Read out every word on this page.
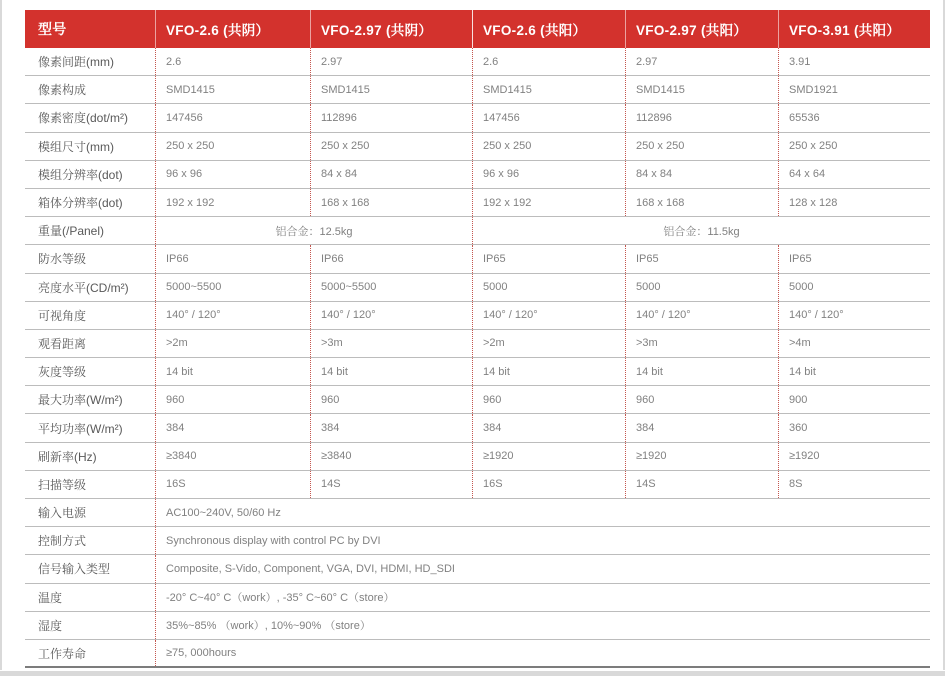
型号	VFO-2.6 (共阴）	VFO-2.97 (共阴）	VFO-2.6 (共阳）	VFO-2.97 (共阳）	VFO-3.91 (共阳）
像素间距(mm)	2.6	2.97	2.6	2.97	3.91
像素构成	SMD1415	SMD1415	SMD1415	SMD1415	SMD1921
像素密度(dot/m²)	147456	112896	147456	112896	65536
模组尺寸(mm)	250 x 250	250 x 250	250 x 250	250 x 250	250 x 250
模组分辨率(dot)	96 x 96	84 x 84	96 x 96	84 x 84	64 x 64
箱体分辨率(dot)	192 x 192	168 x 168	192 x 192	168 x 168	128 x 128
重量(/Panel)	铝合金：12.5kg	铝合金：11.5kg
防水等级	IP66	IP66	IP65	IP65	IP65
亮度水平(CD/m²)	5000~5500	5000~5500	5000	5000	5000
可视角度	140° / 120°	140° / 120°	140° / 120°	140° / 120°	140° / 120°
观看距离	>2m	>3m	>2m	>3m	>4m
灰度等级	14 bit	14 bit	14 bit	14 bit	14 bit
最大功率(W/m²)	960	960	960	960	900
平均功率(W/m²)	384	384	384	384	360
刷新率(Hz)	≥3840	≥3840	≥1920	≥1920	≥1920
扫描等级	16S	14S	16S	14S	8S
输入电源	AC100~240V, 50/60 Hz
控制方式	Synchronous display with control PC by DVI
信号输入类型	Composite, S-Vido, Component, VGA, DVI, HDMI, HD_SDI
温度	-20° C~40° C（work）, -35° C~60° C（store）
湿度	35%~85% （work）, 10%~90% （store）
工作寿命	≥75, 000hours
